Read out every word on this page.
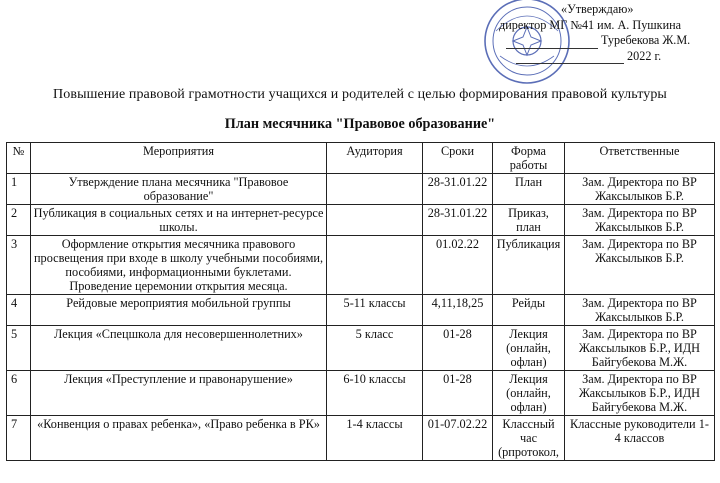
«Утверждаю»
директор МГ №41 им. А. Пушкина
Туребекова Ж.М.
2022 г.
Повышение правовой грамотности учащихся и родителей с целью формирования правовой культуры
План месячника "Правовое образование"
№	Мероприятия	Аудитория	Сроки	Форма работы	Ответственные
1	Утверждение плана месячника "Правовое образование"		28-31.01.22	План	Зам. Директора по ВР Жаксылыков Б.Р.
2	Публикация в социальных сетях и на интернет-ресурсе школы.		28-31.01.22	Приказ, план	Зам. Директора по ВР Жаксылыков Б.Р.
3	Оформление открытия месячника правового просвещения при входе в школу учебными пособиями, пособиями, информационными буклетами. Проведение церемонии открытия месяца.		01.02.22	Публикация	Зам. Директора по ВР Жаксылыков Б.Р.
4	Рейдовые мероприятия мобильной группы	5-11 классы	4,11,18,25	Рейды	Зам. Директора по ВР Жаксылыков Б.Р.
5	Лекция «Спецшкола для несовершеннолетних»	5 класс	01-28	Лекция (онлайн, офлан)	Зам. Директора по ВР Жаксылыков Б.Р., ИДН Байгубекова М.Ж.
6	Лекция «Преступление и правонарушение»	6-10 классы	01-28	Лекция (онлайн, офлан)	Зам. Директора по ВР Жаксылыков Б.Р., ИДН Байгубекова М.Ж.
7	«Конвенция о правах ребенка», «Право ребенка в РК»	1-4 классы	01-07.02.22	Классный час (рпротокол,	Классные руководители 1-4 классов
